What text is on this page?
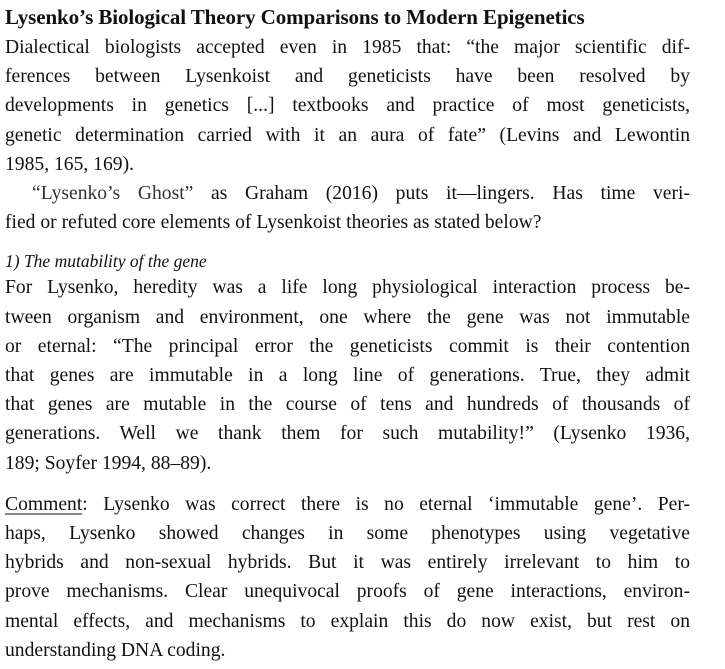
Lysenko’s Biological Theory Comparisons to Modern Epigenetics

Dialectical biologists accepted even in 1985 that: “the major scientific dif-
ferences between Lysenkoist and geneticists have been resolved by
developments in genetics [...] textbooks and practice of most geneticists,
genetic determination carried with it an aura of fate” (Levins and Lewontin
1985, 165, 169).

“Lysenko’s Ghost” as Graham (2016) puts it—lingers. Has time veri-
fied or refuted core elements of Lysenkoist theories as stated below?

1) The mutability of the gene

For Lysenko, heredity was a life long physiological interaction process be-
tween organism and environment, one where the gene was not immutable
or eternal: “The principal error the geneticists commit is their contention
that genes are immutable in a long line of generations. True, they admit
that genes are mutable in the course of tens and hundreds of thousands of
generations. Well we thank them for such mutability!” (Lysenko 1936,
189; Soyfer 1994, 88–89).

Comment: Lysenko was correct there is no eternal ‘immutable gene’. Per-
haps, Lysenko showed changes in some phenotypes using vegetative
hybrids and non-sexual hybrids. But it was entirely irrelevant to him to
prove mechanisms. Clear unequivocal proofs of gene interactions, environ-
mental effects, and mechanisms to explain this do now exist, but rest on
understanding DNA coding.
